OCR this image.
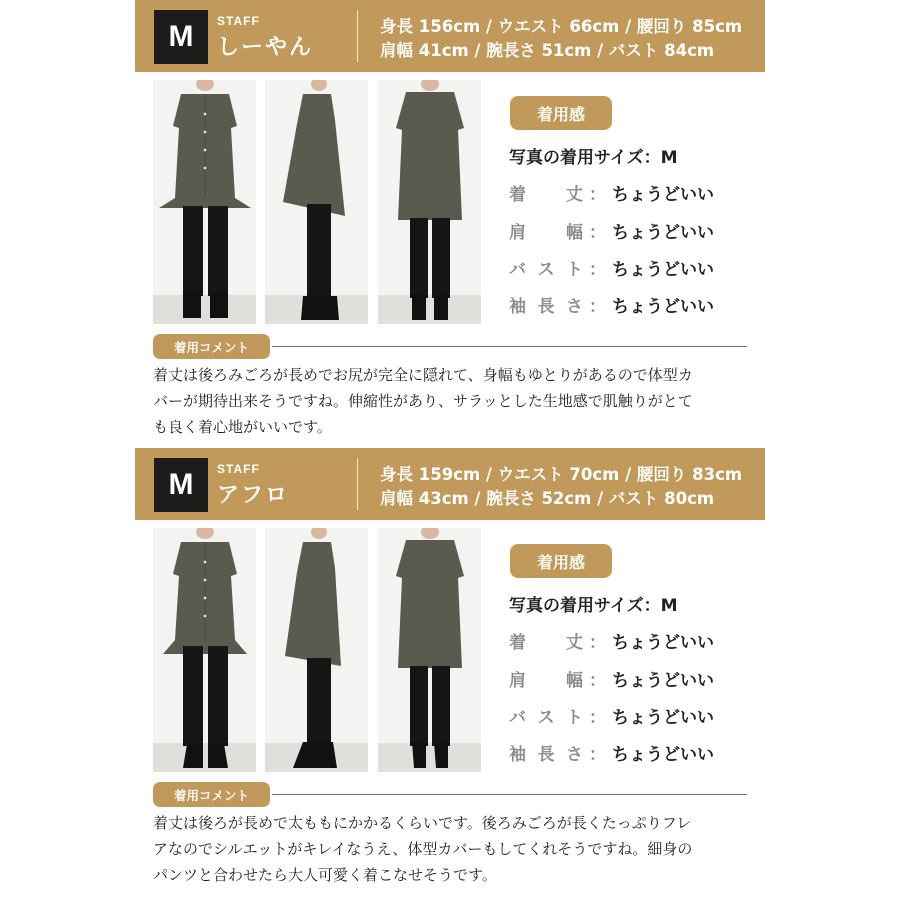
M	STAFF
しーやん
身長 156cm / ウエスト 66cm / 腰回り 85cm
肩幅 41cm / 腕長さ 51cm / バスト 84cm
着用感
写真の着用サイズ：M
着 丈 ： ちょうどいい
肩 幅 ： ちょうどいい
バ ス ト ： ちょうどいい
袖 長 さ ： ちょうどいい
着用コメント
着丈は後ろみごろが長めでお尻が完全に隠れて、身幅もゆとりがあるので体型カ
バーが期待出来そうですね。伸縮性があり、サラッとした生地感で肌触りがとて
も良く着心地がいいです。
M	STAFF
アフロ
身長 159cm / ウエスト 70cm / 腰回り 83cm
肩幅 43cm / 腕長さ 52cm / バスト 80cm
着用感
写真の着用サイズ：M
着 丈 ： ちょうどいい
肩 幅 ： ちょうどいい
バ ス ト ： ちょうどいい
袖 長 さ ： ちょうどいい
着用コメント
着丈は後ろが長めで太ももにかかるくらいです。後ろみごろが長くたっぷりフレ
アなのでシルエットがキレイなうえ、体型カバーもしてくれそうですね。細身の
パンツと合わせたら大人可愛く着こなせそうです。
